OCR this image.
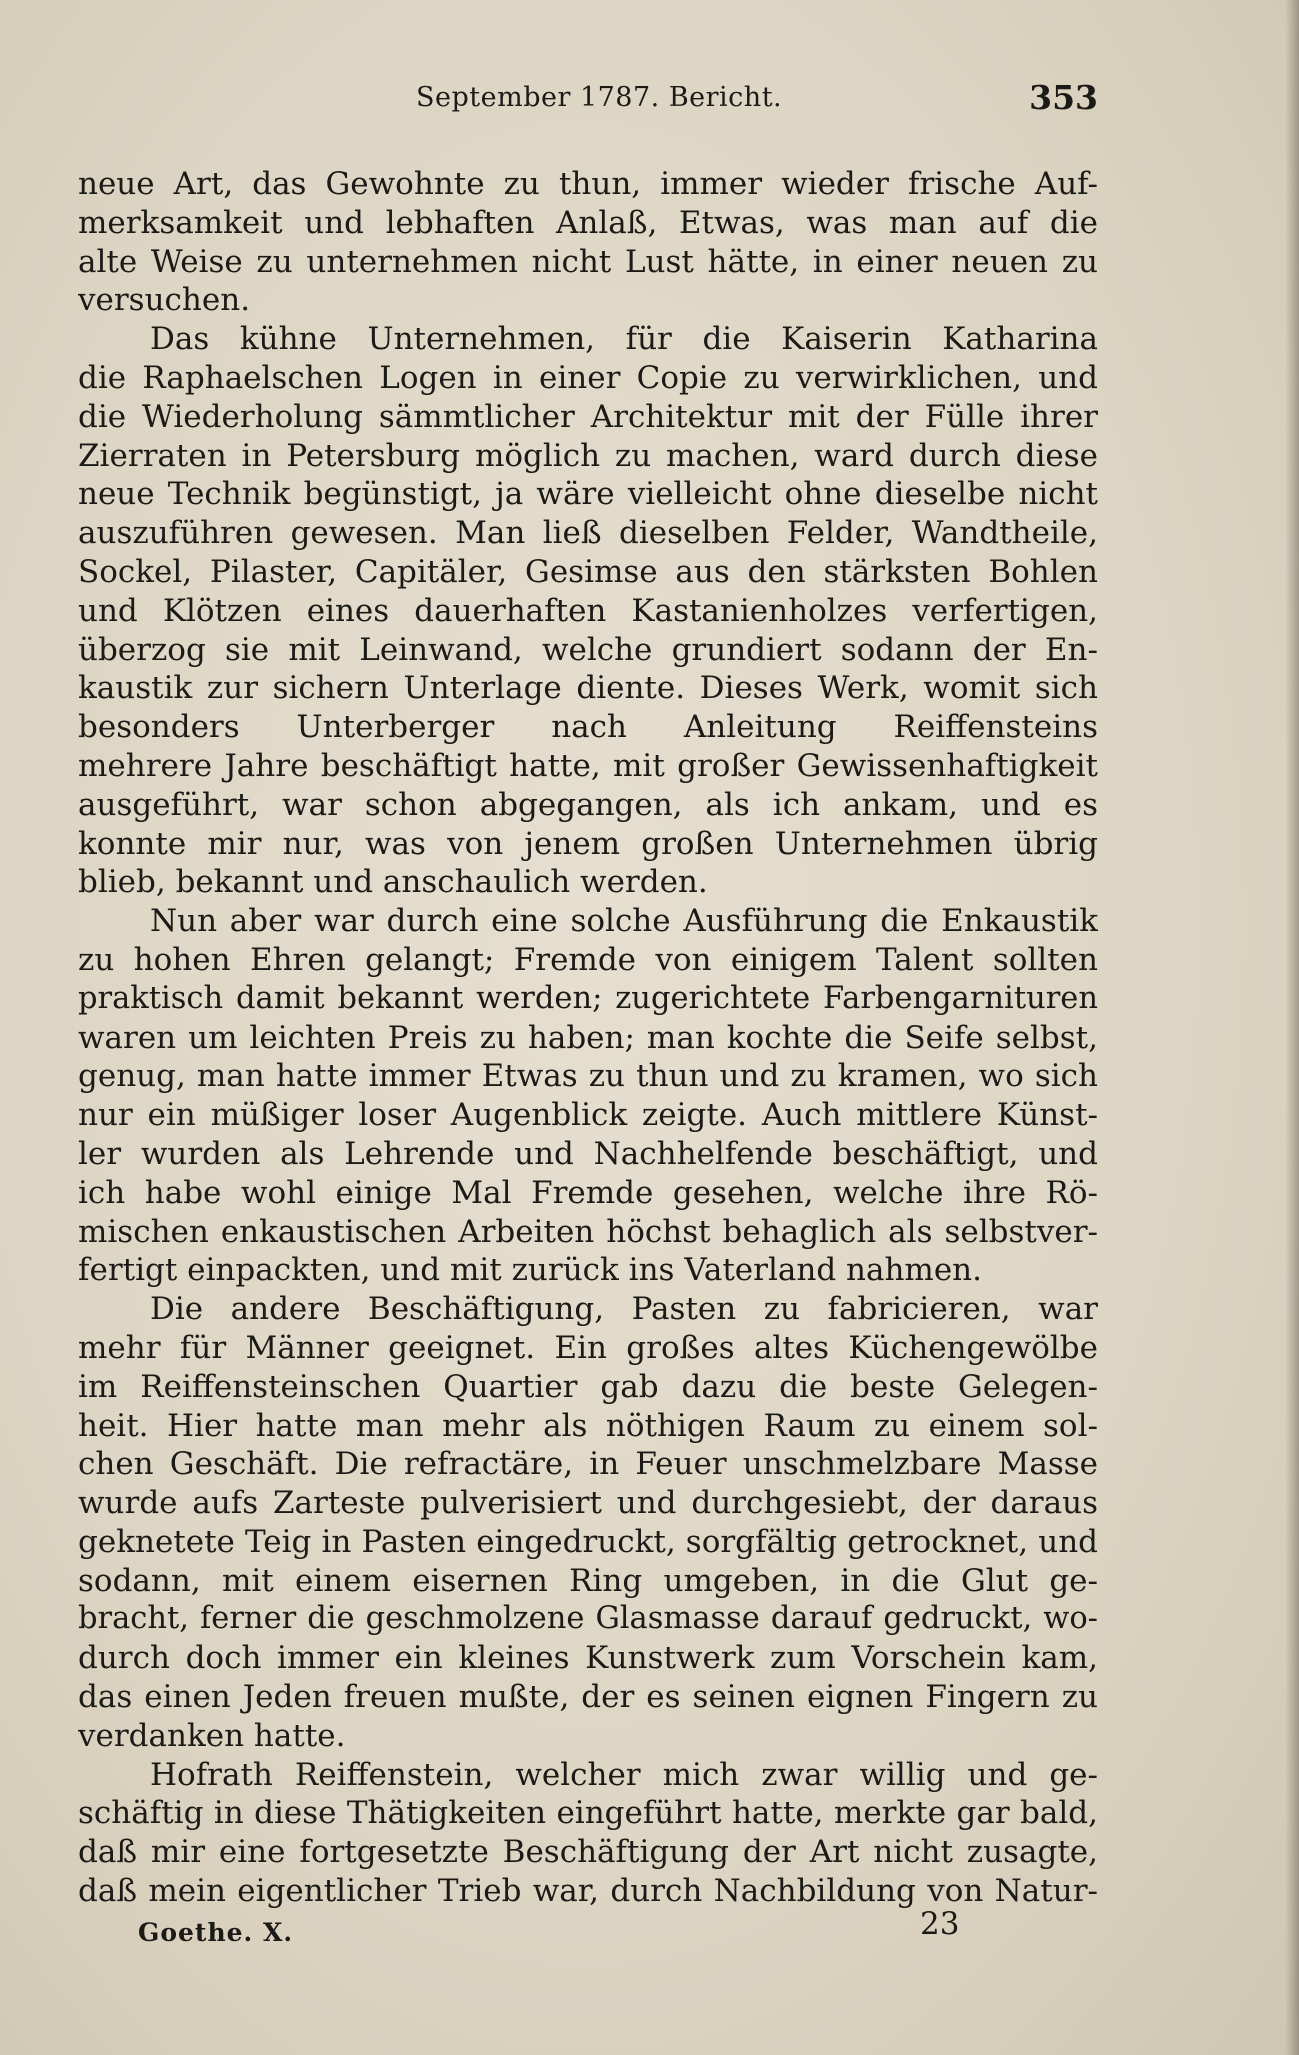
September 1787. Bericht.	353
neue Art, das Gewohnte zu thun, immer wieder frische Auf-
merksamkeit und lebhaften Anlaß, Etwas, was man auf die
alte Weise zu unternehmen nicht Lust hätte, in einer neuen zu
versuchen.
Das kühne Unternehmen, für die Kaiserin Katharina
die Raphaelschen Logen in einer Copie zu verwirklichen, und
die Wiederholung sämmtlicher Architektur mit der Fülle ihrer
Zierraten in Petersburg möglich zu machen, ward durch diese
neue Technik begünstigt, ja wäre vielleicht ohne dieselbe nicht
auszuführen gewesen. Man ließ dieselben Felder, Wandtheile,
Sockel, Pilaster, Capitäler, Gesimse aus den stärksten Bohlen
und Klötzen eines dauerhaften Kastanienholzes verfertigen,
überzog sie mit Leinwand, welche grundiert sodann der En-
kaustik zur sichern Unterlage diente. Dieses Werk, womit sich
besonders Unterberger nach Anleitung Reiffensteins
mehrere Jahre beschäftigt hatte, mit großer Gewissenhaftigkeit
ausgeführt, war schon abgegangen, als ich ankam, und es
konnte mir nur, was von jenem großen Unternehmen übrig
blieb, bekannt und anschaulich werden.
Nun aber war durch eine solche Ausführung die Enkaustik
zu hohen Ehren gelangt; Fremde von einigem Talent sollten
praktisch damit bekannt werden; zugerichtete Farbengarnituren
waren um leichten Preis zu haben; man kochte die Seife selbst,
genug, man hatte immer Etwas zu thun und zu kramen, wo sich
nur ein müßiger loser Augenblick zeigte. Auch mittlere Künst-
ler wurden als Lehrende und Nachhelfende beschäftigt, und
ich habe wohl einige Mal Fremde gesehen, welche ihre Rö-
mischen enkaustischen Arbeiten höchst behaglich als selbstver-
fertigt einpackten, und mit zurück ins Vaterland nahmen.
Die andere Beschäftigung, Pasten zu fabricieren, war
mehr für Männer geeignet. Ein großes altes Küchengewölbe
im Reiffensteinschen Quartier gab dazu die beste Gelegen-
heit. Hier hatte man mehr als nöthigen Raum zu einem sol-
chen Geschäft. Die refractäre, in Feuer unschmelzbare Masse
wurde aufs Zarteste pulverisiert und durchgesiebt, der daraus
geknetete Teig in Pasten eingedruckt, sorgfältig getrocknet, und
sodann, mit einem eisernen Ring umgeben, in die Glut ge-
bracht, ferner die geschmolzene Glasmasse darauf gedruckt, wo-
durch doch immer ein kleines Kunstwerk zum Vorschein kam,
das einen Jeden freuen mußte, der es seinen eignen Fingern zu
verdanken hatte.
Hofrath Reiffenstein, welcher mich zwar willig und ge-
schäftig in diese Thätigkeiten eingeführt hatte, merkte gar bald,
daß mir eine fortgesetzte Beschäftigung der Art nicht zusagte,
daß mein eigentlicher Trieb war, durch Nachbildung von Natur-
Goethe. X.	23
